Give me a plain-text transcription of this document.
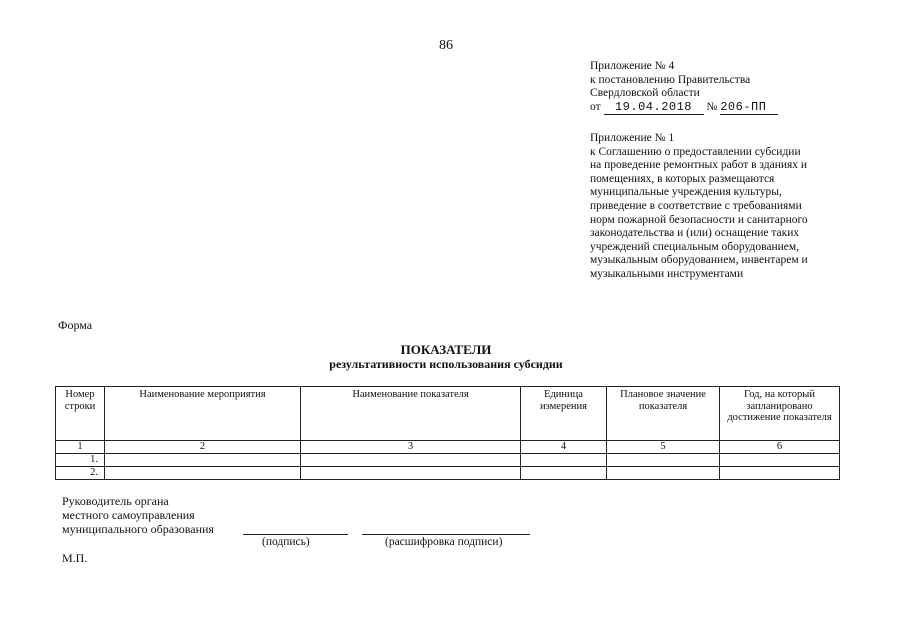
86
Приложение № 4
к постановлению Правительства
Свердловской области
от 19.04.2018 № 206-ПП
Приложение № 1
к Соглашению о предоставлении субсидии
на проведение ремонтных работ в зданиях и
помещениях, в которых размещаются
муниципальные учреждения культуры,
приведение в соответствие с требованиями
норм пожарной безопасности и санитарного
законодательства и (или) оснащение таких
учреждений специальным оборудованием,
музыкальным оборудованием, инвентарем и
музыкальными инструментами
Форма
ПОКАЗАТЕЛИ
результативности использования субсидии
Номер строки	Наименование мероприятия	Наименование показателя	Единица измерения	Плановое значение показателя	Год, на который запланировано достижение показателя
1	2	3	4	5	6
1.					
2.					
Руководитель органа
местного самоуправления
муниципального образования
(подпись)	(расшифровка подписи)
М.П.
